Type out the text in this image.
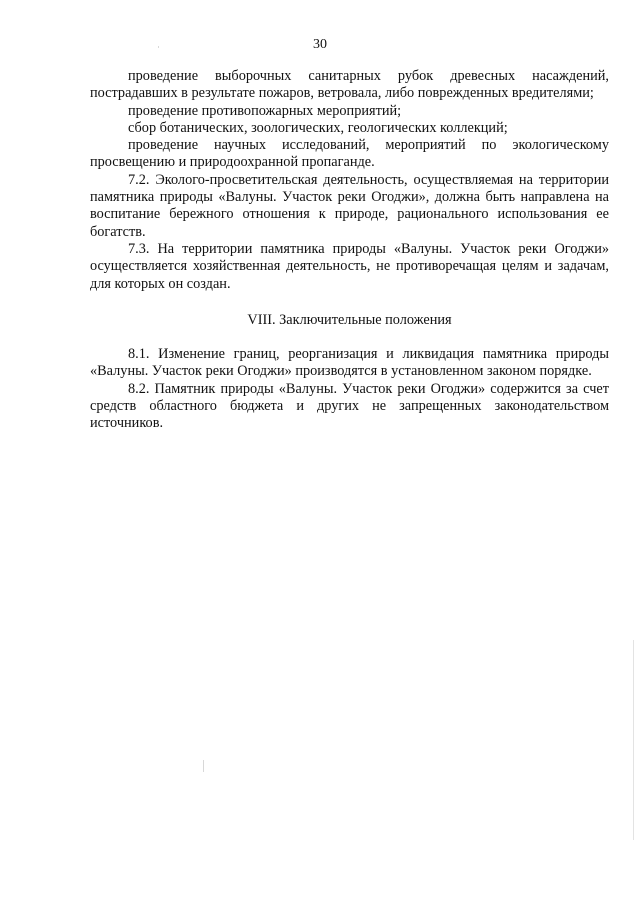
30

проведение выборочных санитарных рубок древесных насаждений, пострадавших в результате пожаров, ветровала, либо поврежденных вредителями;

проведение противопожарных мероприятий;

сбор ботанических, зоологических, геологических коллекций;

проведение научных исследований, мероприятий по экологическому просвещению и природоохранной пропаганде.

7.2. Эколого-просветительская деятельность, осуществляемая на территории памятника природы «Валуны. Участок реки Огоджи», должна быть направлена на воспитание бережного отношения к природе, рационального использования ее богатств.

7.3. На территории памятника природы «Валуны. Участок реки Огоджи» осуществляется хозяйственная деятельность, не противоречащая целям и задачам, для которых он создан.

VIII. Заключительные положения

8.1. Изменение границ, реорганизация и ликвидация памятника природы «Валуны. Участок реки Огоджи» производятся в установленном законом порядке.

8.2. Памятник природы «Валуны. Участок реки Огоджи» содержится за счет средств областного бюджета и других не запрещенных законодательством источников.
